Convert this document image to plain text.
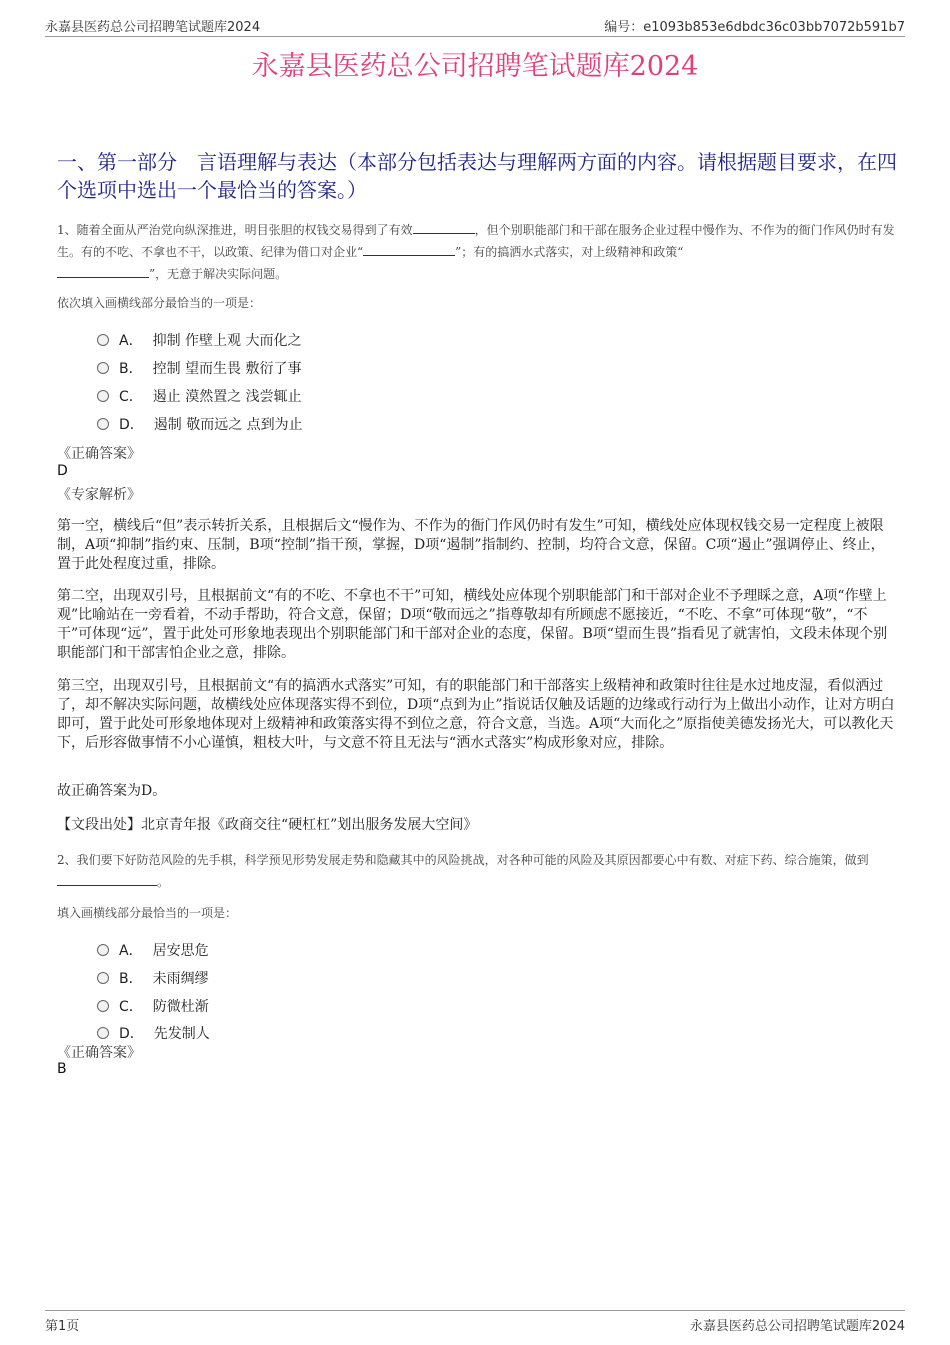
永嘉县医药总公司招聘笔试题库2024	编号：e1093b853e6dbdc36c03bb7072b591b7
永嘉县医药总公司招聘笔试题库2024
一、第一部分　言语理解与表达（本部分包括表达与理解两方面的内容。请根据题目要求，在四个选项中选出一个最恰当的答案。）
1、随着全面从严治党向纵深推进，明目张胆的权钱交易得到了有效	，但个别职能部门和干部在服务企业过程中慢作为、不作为的衙门作风仍时有发生。有的不吃、不拿也不干，以政策、纪律为借口对企业“	”；有的搞洒水式落实，对上级精神和政策“
”，无意于解决实际问题。
依次填入画横线部分最恰当的一项是：
A． 抑制 作壁上观 大而化之
B． 控制 望而生畏 敷衍了事
C． 遏止 漠然置之 浅尝辄止
D． 遏制 敬而远之 点到为止
《正确答案》
D
《专家解析》
第一空，横线后“但”表示转折关系，且根据后文“慢作为、不作为的衙门作风仍时有发生”可知，横线处应体现权钱交易一定程度上被限制，A项“抑制”指约束、压制，B项“控制”指干预，掌握，D项“遏制”指制约、控制，均符合文意，保留。C项“遏止”强调停止、终止，置于此处程度过重，排除。
第二空，出现双引号，且根据前文“有的不吃、不拿也不干”可知，横线处应体现个别职能部门和干部对企业不予理睬之意，A项“作壁上观”比喻站在一旁看着，不动手帮助，符合文意，保留；D项“敬而远之”指尊敬却有所顾虑不愿接近，“不吃、不拿”可体现“敬”，“不干”可体现“远”，置于此处可形象地表现出个别职能部门和干部对企业的态度，保留。B项“望而生畏”指看见了就害怕，文段未体现个别职能部门和干部害怕企业之意，排除。
第三空，出现双引号，且根据前文“有的搞洒水式落实”可知，有的职能部门和干部落实上级精神和政策时往往是水过地皮湿，看似洒过了，却不解决实际问题，故横线处应体现落实得不到位，D项“点到为止”指说话仅触及话题的边缘或行动行为上做出小动作，让对方明白即可，置于此处可形象地体现对上级精神和政策落实得不到位之意，符合文意，当选。A项“大而化之”原指使美德发扬光大，可以教化天下，后形容做事情不小心谨慎，粗枝大叶，与文意不符且无法与“洒水式落实”构成形象对应，排除。
故正确答案为D。
【文段出处】北京青年报《政商交往“硬杠杠”划出服务发展大空间》
2、我们要下好防范风险的先手棋，科学预见形势发展走势和隐藏其中的风险挑战，对各种可能的风险及其原因都要心中有数、对症下药、综合施策，做到。
填入画横线部分最恰当的一项是：
A． 居安思危
B． 未雨绸缪
C． 防微杜渐
D． 先发制人
《正确答案》
B
第1页	永嘉县医药总公司招聘笔试题库2024
